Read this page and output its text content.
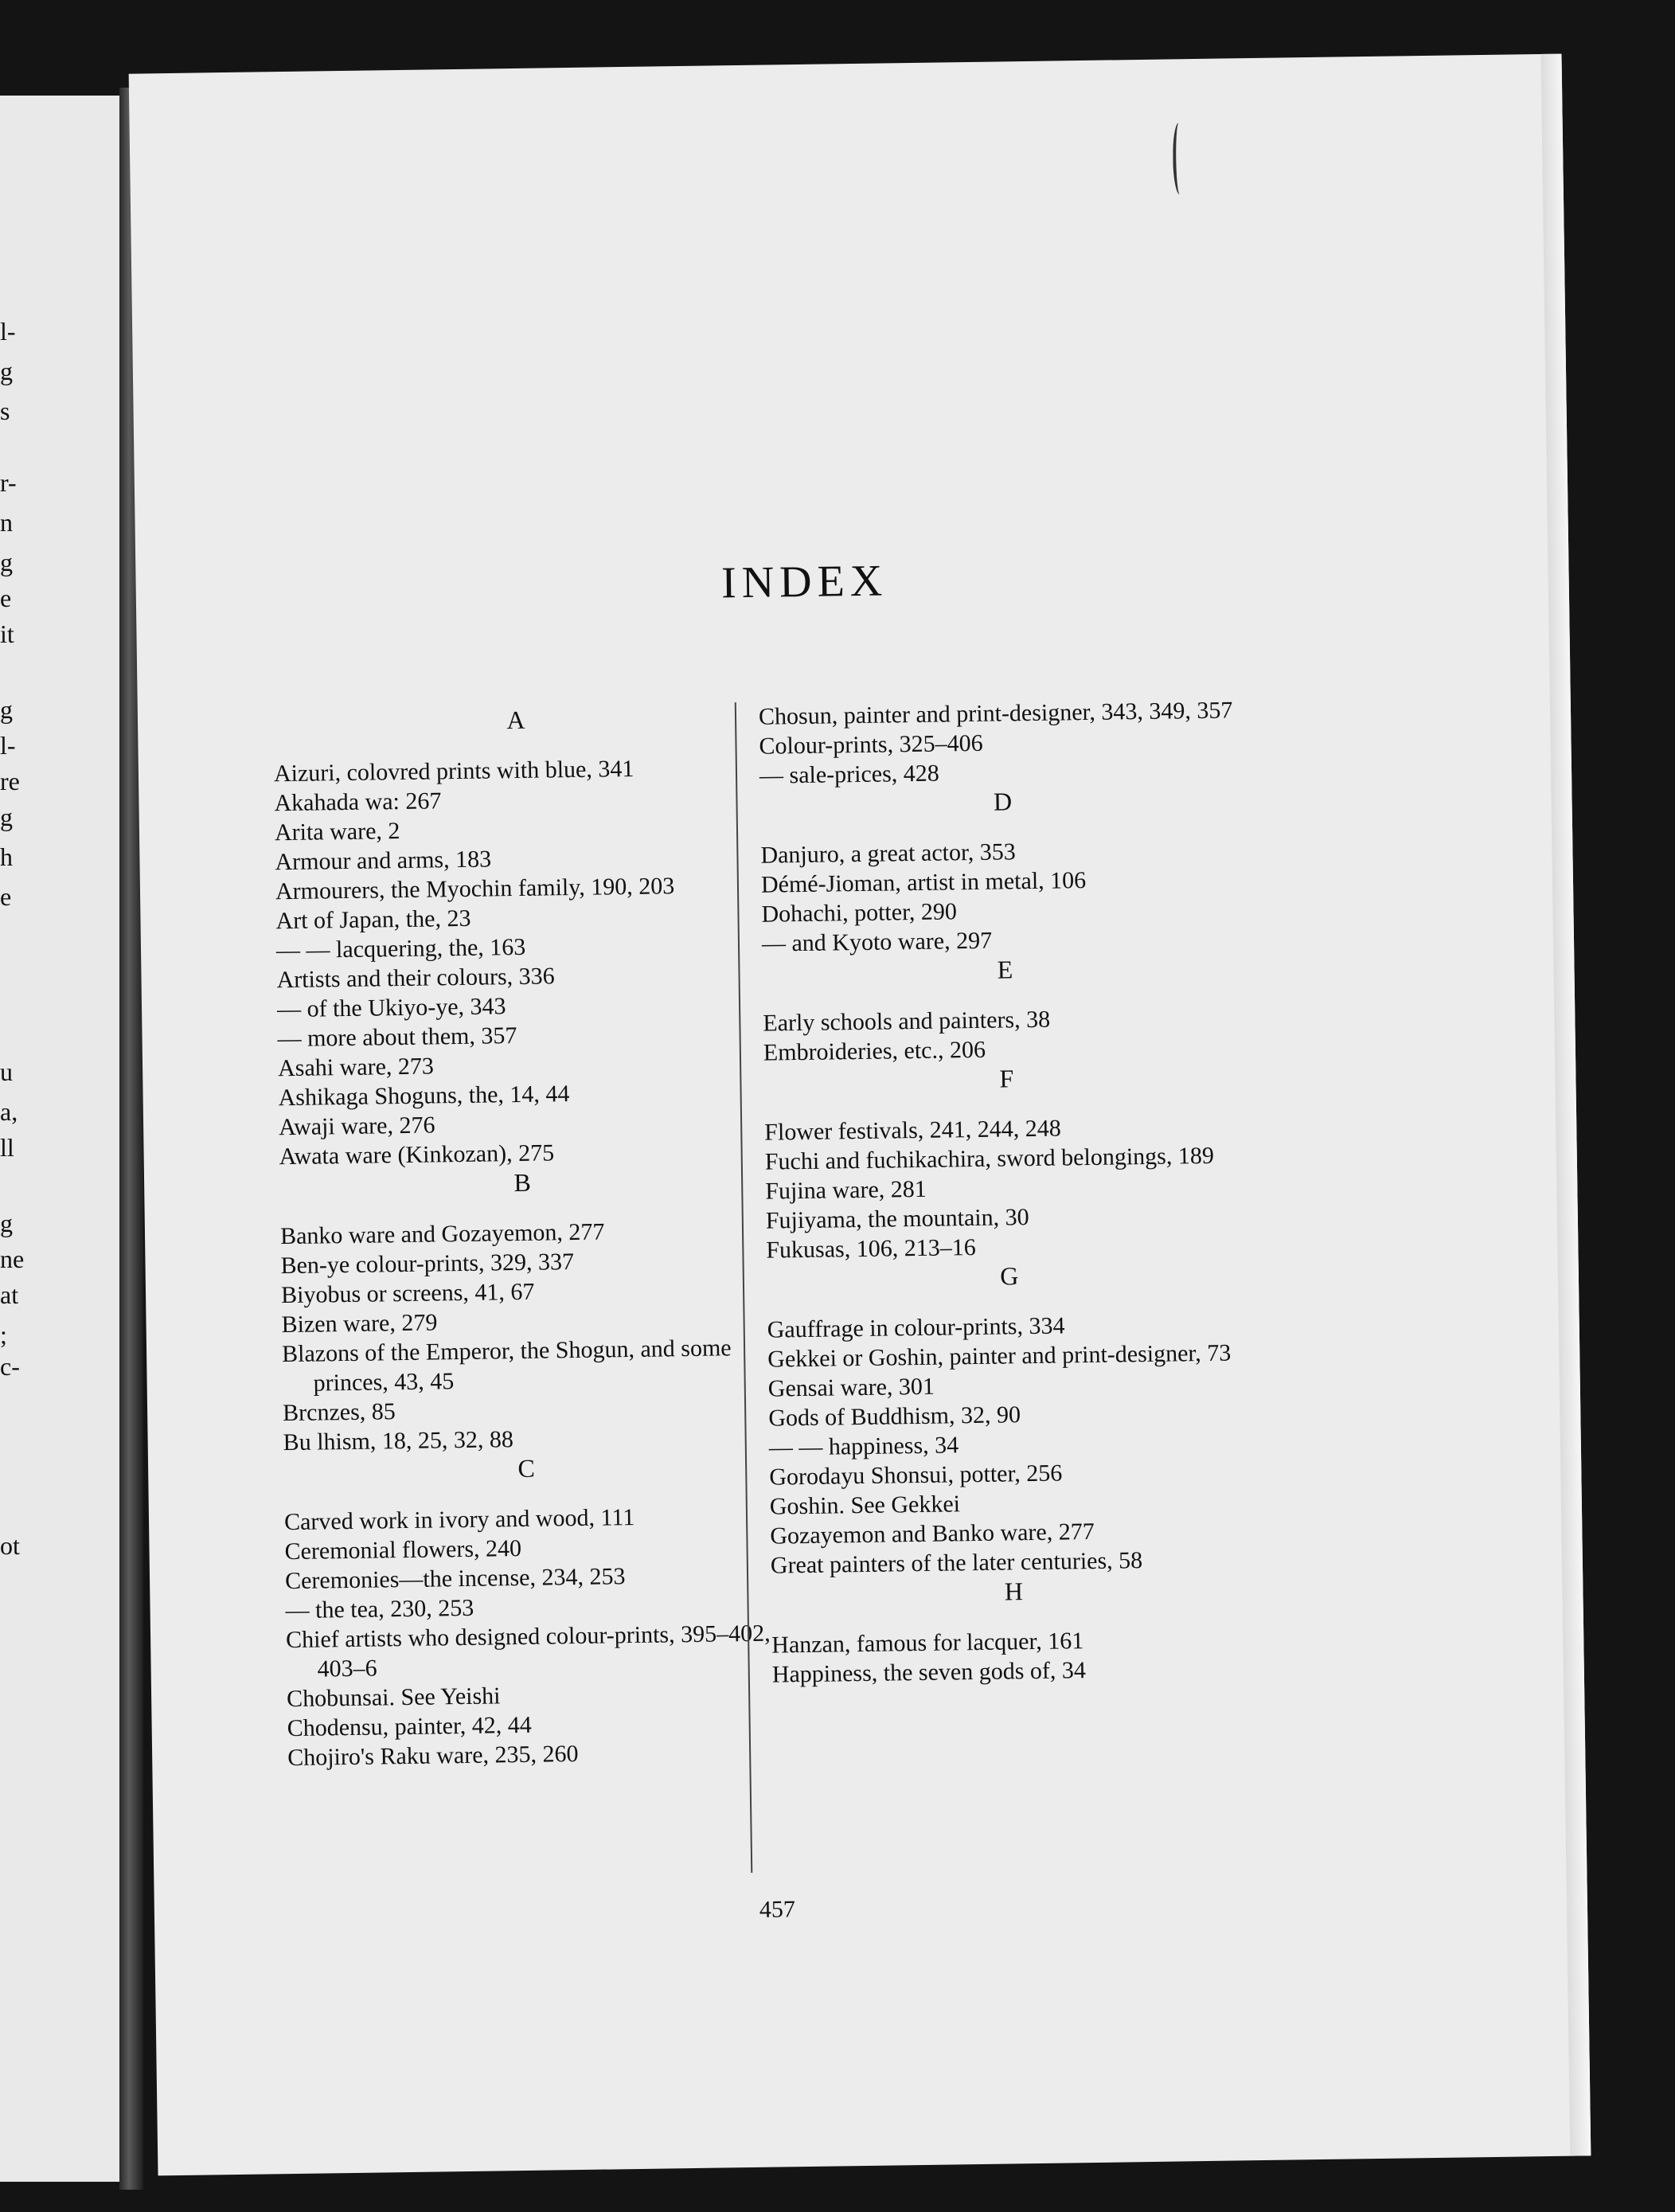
l-
g
s
r-
n
g
e
it
g
l-
re
g
h
e
u
a,
ll
g
ne
at
;
c-
ot
INDEX
A
Aizuri, colovred prints with blue, 341
Akahada wa: 267
Arita ware, 2
Armour and arms, 183
Armourers, the Myochin family, 190, 203
Art of Japan, the, 23
— — lacquering, the, 163
Artists and their colours, 336
— of the Ukiyo-ye, 343
— more about them, 357
Asahi ware, 273
Ashikaga Shoguns, the, 14, 44
Awaji ware, 276
Awata ware (Kinkozan), 275
B
Banko ware and Gozayemon, 277
Ben-ye colour-prints, 329, 337
Biyobus or screens, 41, 67
Bizen ware, 279
Blazons of the Emperor, the Shogun, and some princes, 43, 45
Brcnzes, 85
Bu lhism, 18, 25, 32, 88
C
Carved work in ivory and wood, 111
Ceremonial flowers, 240
Ceremonies—the incense, 234, 253
— the tea, 230, 253
Chief artists who designed colour-prints, 395–402, 403–6
Chobunsai. See Yeishi
Chodensu, painter, 42, 44
Chojiro's Raku ware, 235, 260
Chosun, painter and print-designer, 343, 349, 357
Colour-prints, 325–406
— sale-prices, 428
D
Danjuro, a great actor, 353
Démé-Jioman, artist in metal, 106
Dohachi, potter, 290
— and Kyoto ware, 297
E
Early schools and painters, 38
Embroideries, etc., 206
F
Flower festivals, 241, 244, 248
Fuchi and fuchikachira, sword belongings, 189
Fujina ware, 281
Fujiyama, the mountain, 30
Fukusas, 106, 213–16
G
Gauffrage in colour-prints, 334
Gekkei or Goshin, painter and print-designer, 73
Gensai ware, 301
Gods of Buddhism, 32, 90
— — happiness, 34
Gorodayu Shonsui, potter, 256
Goshin. See Gekkei
Gozayemon and Banko ware, 277
Great painters of the later centuries, 58
H
Hanzan, famous for lacquer, 161
Happiness, the seven gods of, 34
457
